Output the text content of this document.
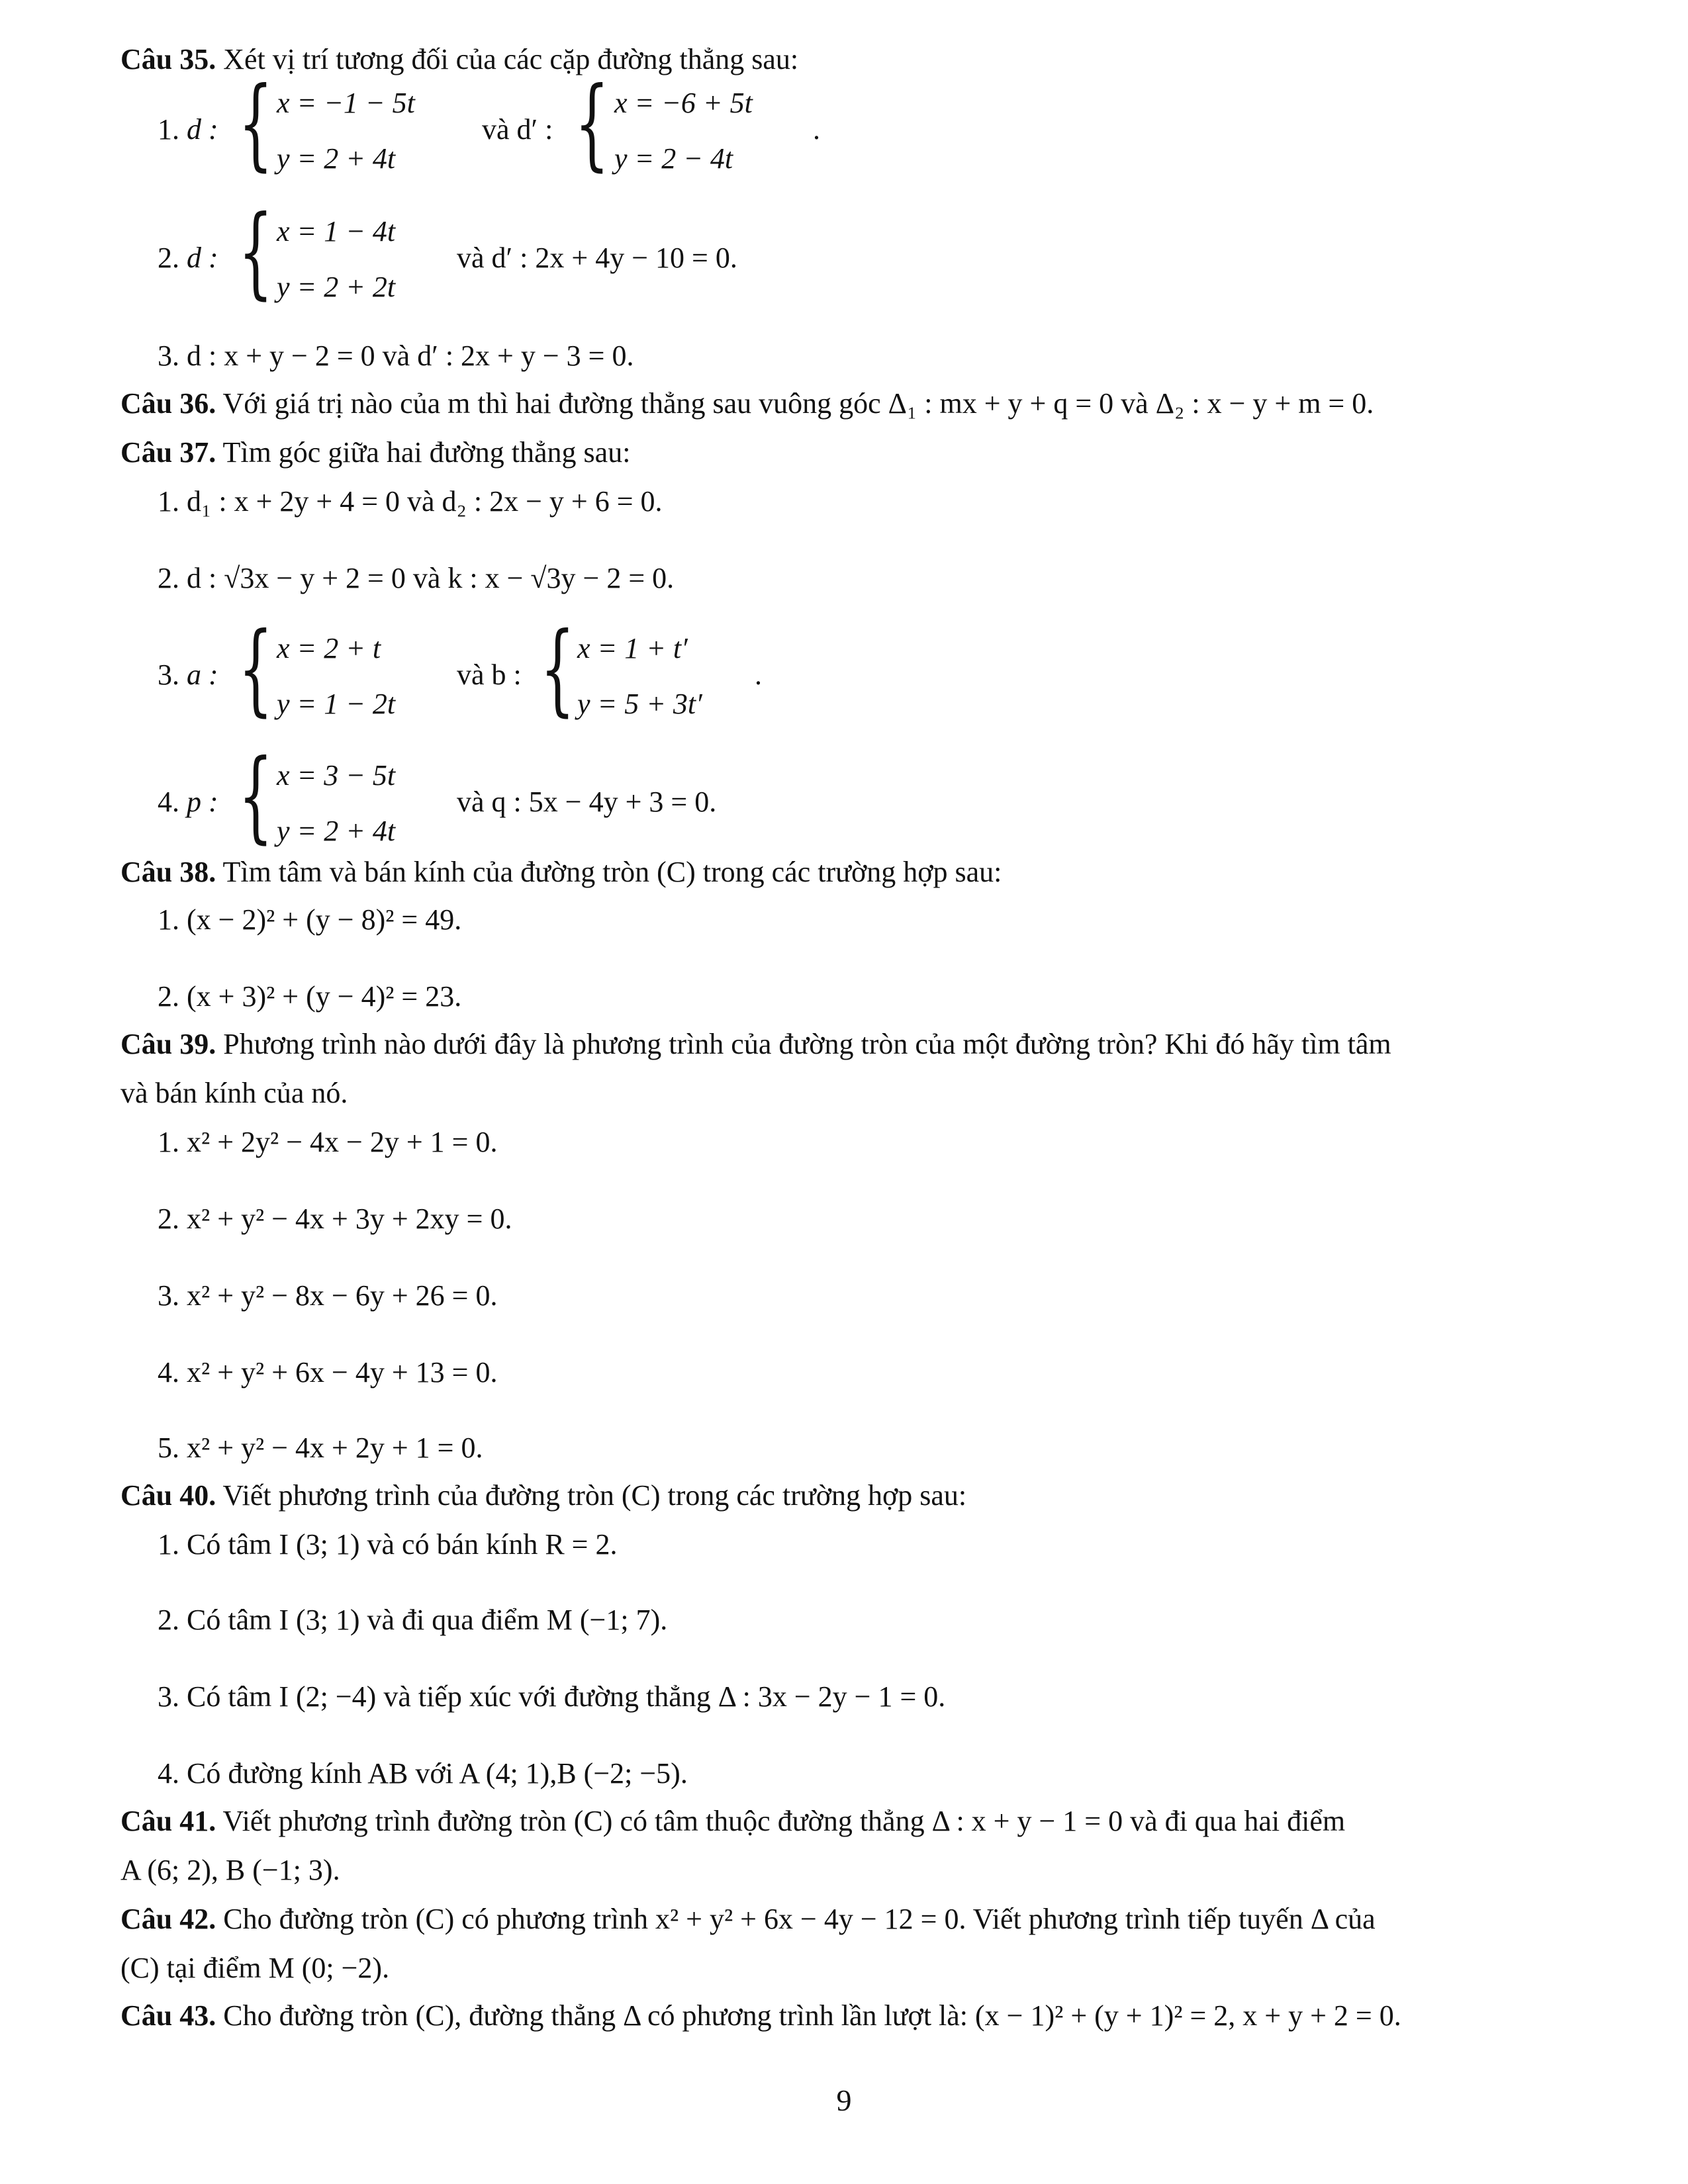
Câu 35. Xét vị trí tương đối của các cặp đường thẳng sau:
1. d : { x = −1 − 5t
y = 2 + 4t
và d′ : { x = −6 + 5t
y = 2 − 4t
.
2. d : { x = 1 − 4t
y = 2 + 2t
và d′ : 2x + 4y − 10 = 0.
3. d : x + y − 2 = 0 và d′ : 2x + y − 3 = 0.
Câu 36. Với giá trị nào của m thì hai đường thẳng sau vuông góc Δ₁ : mx + y + q = 0 và Δ₂ : x − y + m = 0.
Câu 37. Tìm góc giữa hai đường thẳng sau:
1. d₁ : x + 2y + 4 = 0 và d₂ : 2x − y + 6 = 0.
2. d : √3x − y + 2 = 0 và k : x − √3y − 2 = 0.
3. a : { x = 2 + t
y = 1 − 2t
và b : { x = 1 + t′
y = 5 + 3t′
.
4. p : { x = 3 − 5t
y = 2 + 4t
và q : 5x − 4y + 3 = 0.
Câu 38. Tìm tâm và bán kính của đường tròn (C) trong các trường hợp sau:
1. (x − 2)² + (y − 8)² = 49.
2. (x + 3)² + (y − 4)² = 23.
Câu 39. Phương trình nào dưới đây là phương trình của đường tròn của một đường tròn? Khi đó hãy tìm tâm
và bán kính của nó.
1. x² + 2y² − 4x − 2y + 1 = 0.
2. x² + y² − 4x + 3y + 2xy = 0.
3. x² + y² − 8x − 6y + 26 = 0.
4. x² + y² + 6x − 4y + 13 = 0.
5. x² + y² − 4x + 2y + 1 = 0.
Câu 40. Viết phương trình của đường tròn (C) trong các trường hợp sau:
1. Có tâm I (3; 1) và có bán kính R = 2.
2. Có tâm I (3; 1) và đi qua điểm M (−1; 7).
3. Có tâm I (2; −4) và tiếp xúc với đường thẳng Δ : 3x − 2y − 1 = 0.
4. Có đường kính AB với A (4; 1),B (−2; −5).
Câu 41. Viết phương trình đường tròn (C) có tâm thuộc đường thẳng Δ : x + y − 1 = 0 và đi qua hai điểm
A (6; 2), B (−1; 3).
Câu 42. Cho đường tròn (C) có phương trình x² + y² + 6x − 4y − 12 = 0. Viết phương trình tiếp tuyến Δ của
(C) tại điểm M (0; −2).
Câu 43. Cho đường tròn (C), đường thẳng Δ có phương trình lần lượt là: (x − 1)² + (y + 1)² = 2, x + y + 2 = 0.
9
